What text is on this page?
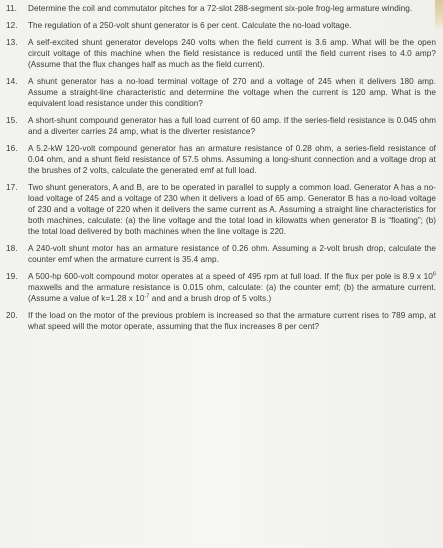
11.	Determine the coil and commutator pitches for a 72-slot 288-segment six-pole frog-leg armature winding.
12.	The regulation of a 250-volt shunt generator is 6 per cent. Calculate the no-load voltage.
13.	A self-excited shunt generator develops 240 volts when the field current is 3.6 amp. What will be the open circuit voltage of this machine when the field resistance is reduced until the field current rises to 4.0 amp? (Assume that the flux changes half as much as the field current).
14.	A shunt generator has a no-load terminal voltage of 270 and a voltage of 245 when it delivers 180 amp. Assume a straight-line characteristic and determine the voltage when the current is 120 amp. What is the equivalent load resistance under this condition?
15.	A short-shunt compound generator has a full load current of 60 amp. If the series-field resistance is 0.045 ohm and a diverter carries 24 amp, what is the diverter resistance?
16.	A 5.2-kW 120-volt compound generator has an armature resistance of 0.28 ohm, a series-field resistance of 0.04 ohm, and a shunt field resistance of 57.5 ohms. Assuming a long-shunt connection and a voltage drop at the brushes of 2 volts, calculate the generated emf at full load.
17.	Two shunt generators, A and B, are to be operated in parallel to supply a common load. Generator A has a no-load voltage of 245 and a voltage of 230 when it delivers a load of 65 amp. Generator B has a no-load voltage of 230 and a voltage of 220 when it delivers the same current as A. Assuming a straight line characteristics for both machines, calculate: (a) the line voltage and the total load in kilowatts when generator B is “floating”; (b) the total load delivered by both machines when the line voltage is 220.
18.	A 240-volt shunt motor has an armature resistance of 0.26 ohm. Assuming a 2-volt brush drop, calculate the counter emf when the armature current is 35.4 amp.
19.	A 500-hp 600-volt compound motor operates at a speed of 495 rpm at full load. If the flux per pole is 8.9 x $10^6$ maxwells and the armature resistance is 0.015 ohm, calculate: (a) the counter emf; (b) the armature current. (Assume a value of k=1.28 x $10^{-7}$ and and a brush drop of 5 volts.)
20.	If the load on the motor of the previous problem is increased so that the armature current rises to 789 amp, at what speed will the motor operate, assuming that the flux increases 8 per cent?
